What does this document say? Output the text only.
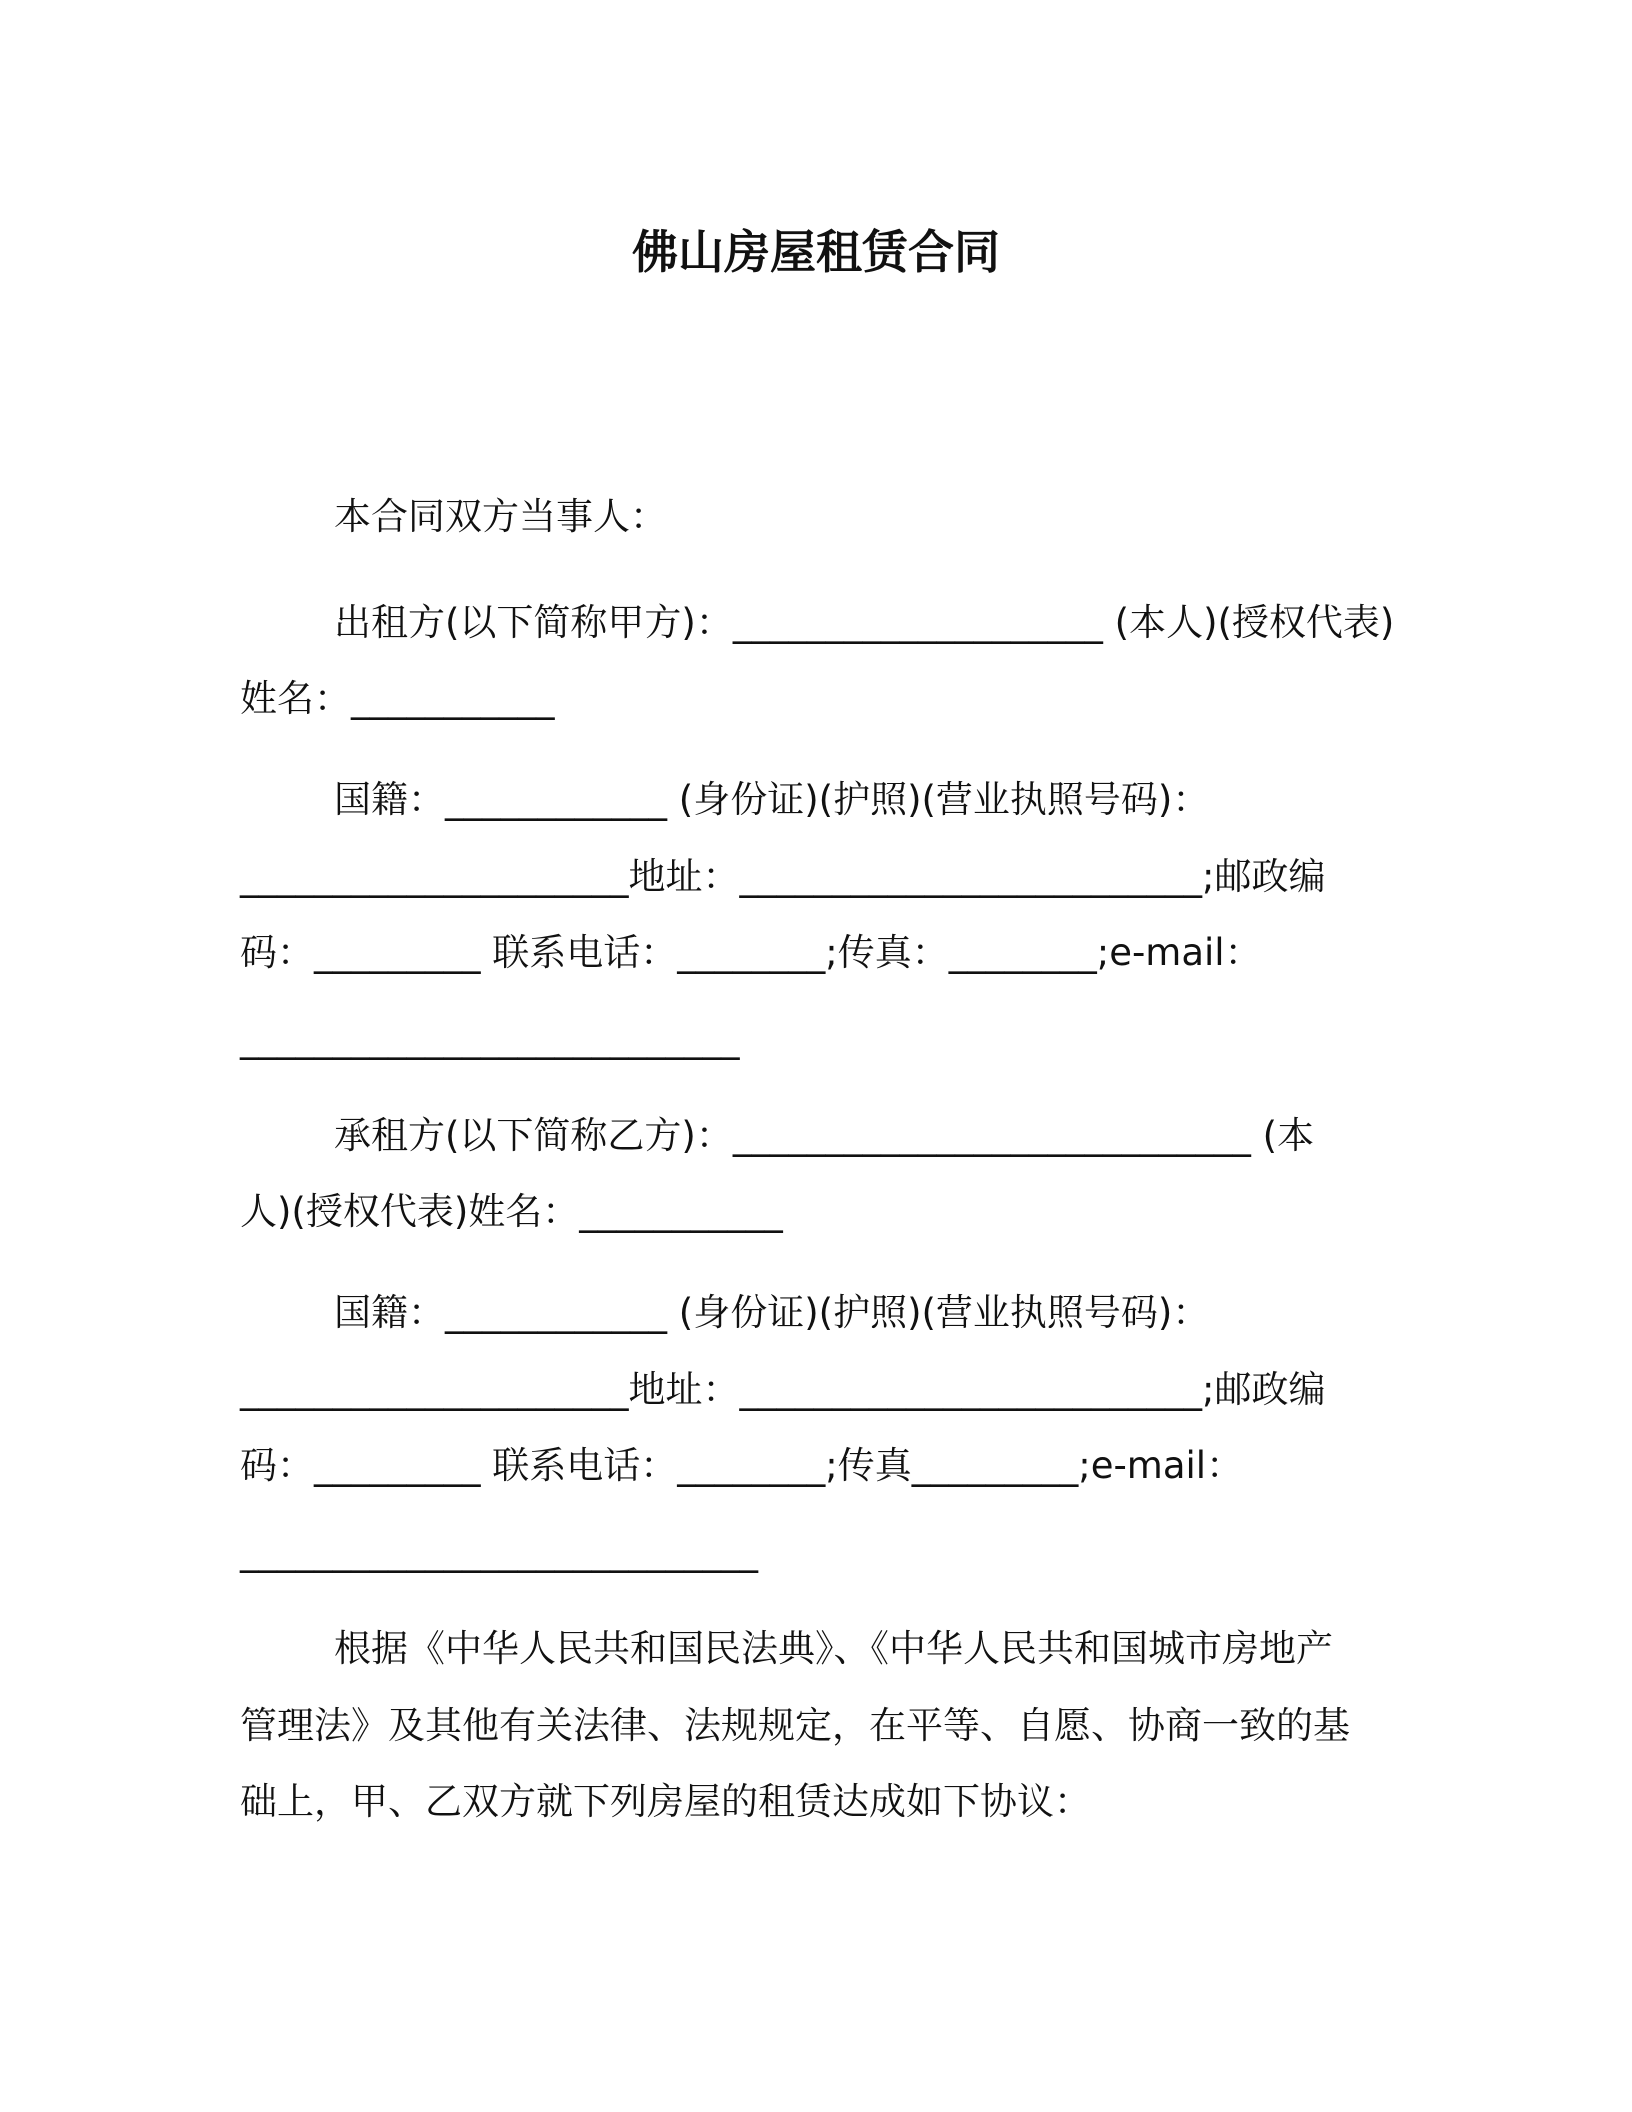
佛山房屋租赁合同
本合同双方当事人：
出租方(以下简称甲方)：____________________ (本人)(授权代表)
姓名：___________
国籍：____________ (身份证)(护照)(营业执照号码)：
_____________________地址：_________________________;邮政编
码：_________ 联系电话：________;传真：________;e-mail：
___________________________
承租方(以下简称乙方)：____________________________ (本
人)(授权代表)姓名：___________
国籍：____________ (身份证)(护照)(营业执照号码)：
_____________________地址：_________________________;邮政编
码：_________ 联系电话：________;传真_________;e-mail：
____________________________
根据《中华人民共和国民法典》、《中华人民共和国城市房地产
管理法》及其他有关法律、法规规定，在平等、自愿、协商一致的基
础上，甲、乙双方就下列房屋的租赁达成如下协议：
